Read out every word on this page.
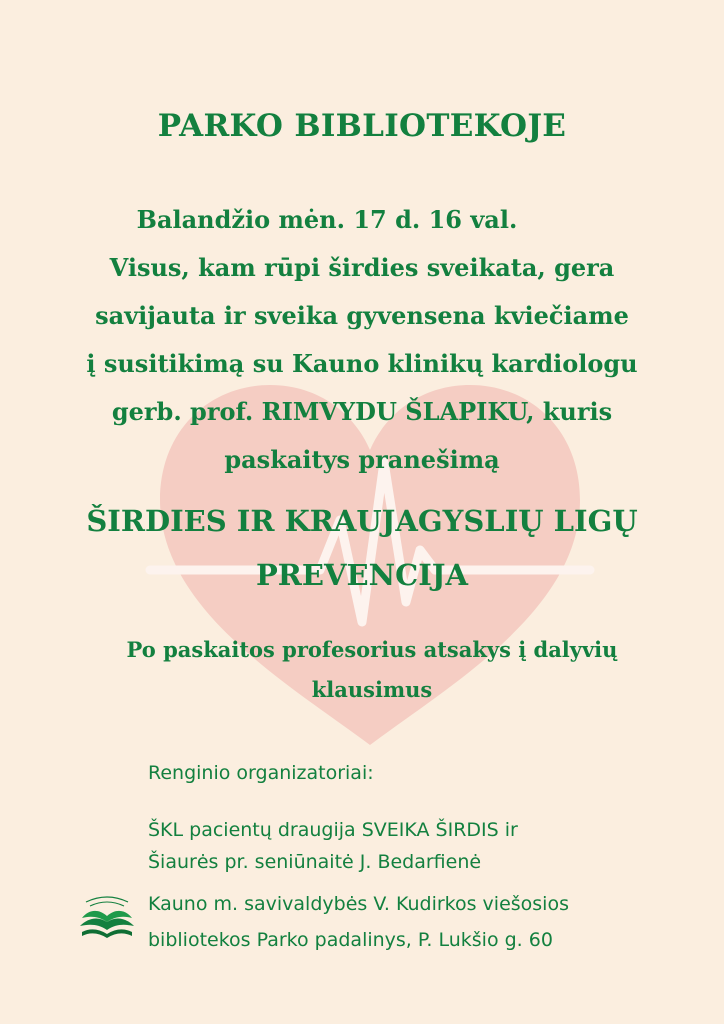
PARKO BIBLIOTEKOJE
Balandžio mėn. 17 d. 16 val.
Visus, kam rūpi širdies sveikata, gera
savijauta ir sveika gyvensena kviečiame
į susitikimą su Kauno klinikų kardiologu
gerb. prof. RIMVYDU ŠLAPIKU, kuris
paskaitys pranešimą
ŠIRDIES IR KRAUJAGYSLIŲ LIGŲ
PREVENCIJA
Po paskaitos profesorius atsakys į dalyvių
klausimus
Renginio organizatoriai:
ŠKL pacientų draugija SVEIKA ŠIRDIS ir
Šiaurės pr. seniūnaitė J. Bedarfienė
Kauno m. savivaldybės V. Kudirkos viešosios
bibliotekos Parko padalinys, P. Lukšio g. 60
